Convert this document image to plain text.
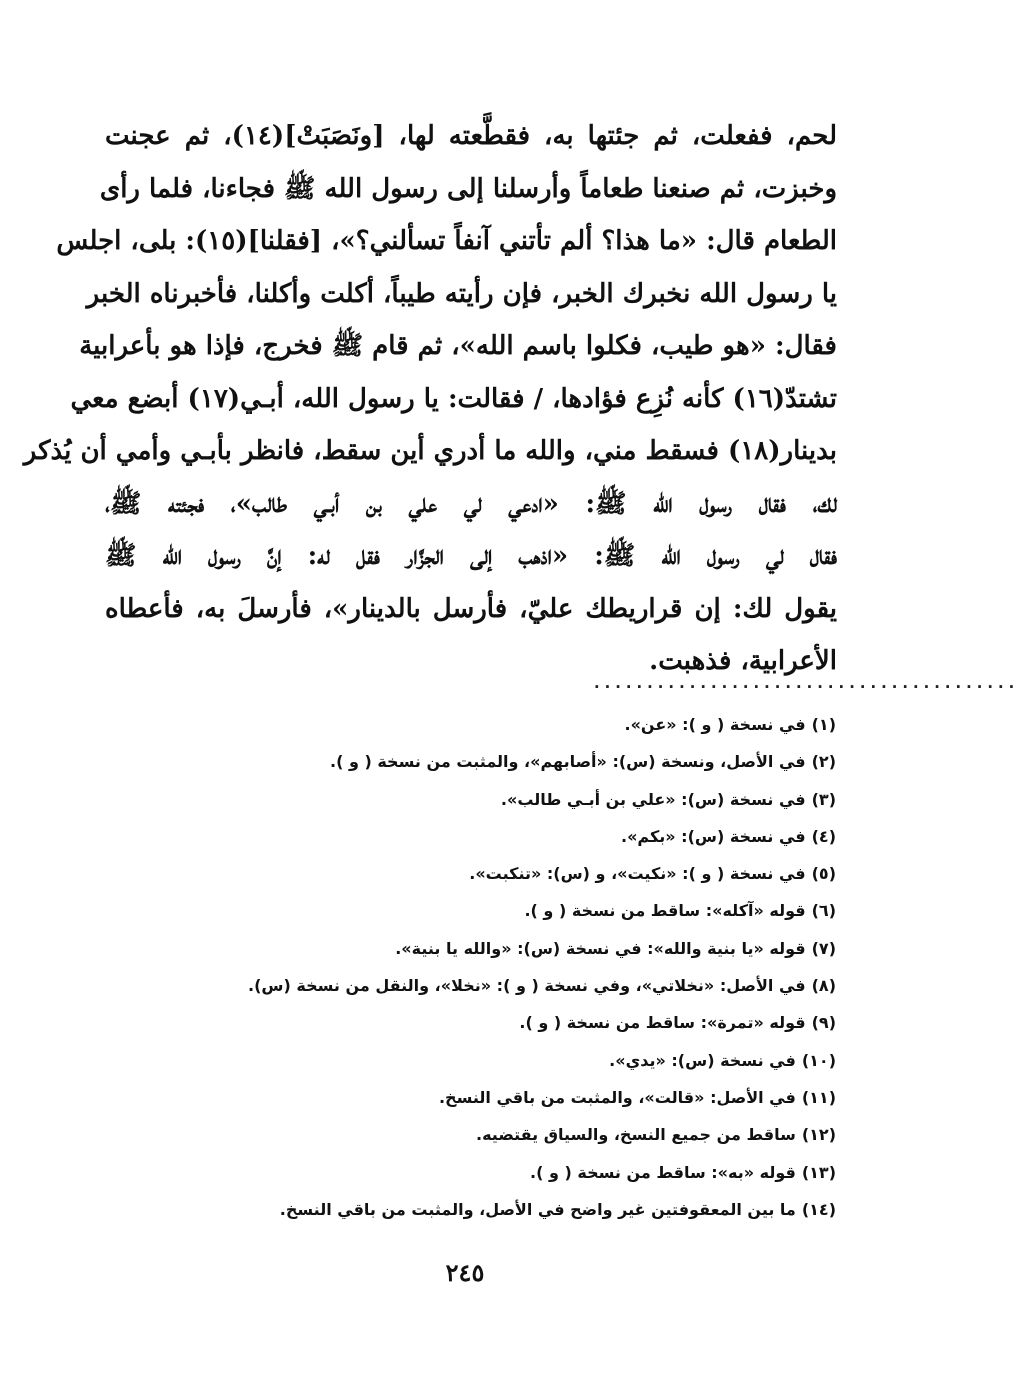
لحم، ففعلت، ثم جئتها به، فقطَّعته لها، [ونَصَبَتْ](١٤)، ثم عجنت
وخبزت، ثم صنعنا طعاماً وأرسلنا إلى رسول الله ﷺ فجاءنا، فلما رأى
الطعام قال: «ما هذا؟ ألم تأتني آنفاً تسألني؟»، [فقلنا](١٥): بلى، اجلس
يا رسول الله نخبرك الخبر، فإن رأيته طيباً، أكلت وأكلنا، فأخبرناه الخبر
فقال: «هو طيب، فكلوا باسم الله»، ثم قام ﷺ فخرج، فإذا هو بأعرابية
تشتدّ(١٦) كأنه نُزِع فؤادها، / فقالت: يا رسول الله، أبـي(١٧) أبضع معي
بدينار(١٨) فسقط مني، والله ما أدري أين سقط، فانظر بأبـي وأمي أن يُذكر
لك، فقال رسول الله ﷺ: «ادعي لي علي بن أبـي طالب»، فجئته ﷺ،
فقال لي رسول الله ﷺ: «اذهب إلى الجزَّار فقل له: إنَّ رسول الله ﷺ
يقول لك: إن قراريطك عليّ، فأرسل بالدينار»، فأرسلَ به، فأعطاه
الأعرابية، فذهبت.
........................................
(١)في نسخة ( و ): «عن».
(٢)في الأصل، ونسخة (س): «أصابهم»، والمثبت من نسخة ( و ).
(٣)في نسخة (س): «علي بن أبـي طالب».
(٤)في نسخة (س): «بكم».
(٥)في نسخة ( و ): «نكيت»، و (س): «تنكبت».
(٦)قوله «آكله»: ساقط من نسخة ( و ).
(٧)قوله «يا بنية والله»: في نسخة (س): «والله يا بنية».
(٨)في الأصل: «نخلاتي»، وفي نسخة ( و ): «نخلا»، والنقل من نسخة (س).
(٩)قوله «تمرة»: ساقط من نسخة ( و ).
(١٠)في نسخة (س): «يدي».
(١١)في الأصل: «قالت»، والمثبت من باقي النسخ.
(١٢)ساقط من جميع النسخ، والسياق يقتضيه.
(١٣)قوله «به»: ساقط من نسخة ( و ).
(١٤)ما بين المعقوفتين غير واضح في الأصل، والمثبت من باقي النسخ.
٢٤٥
